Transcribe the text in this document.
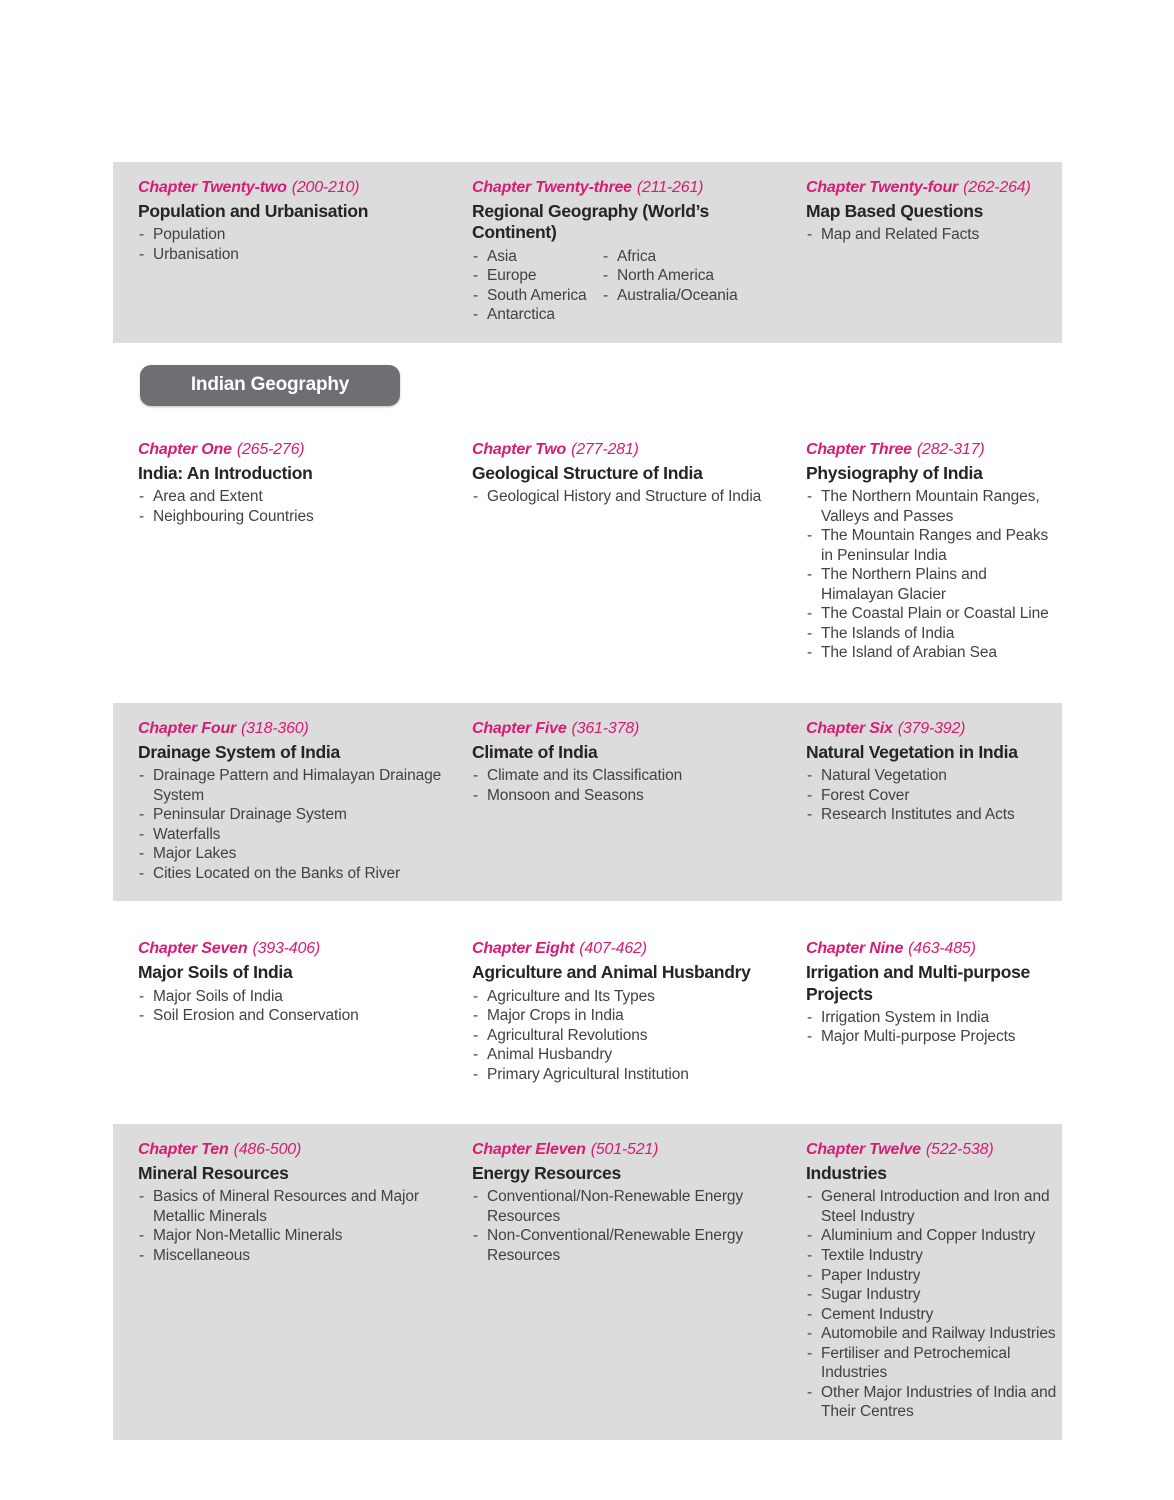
Chapter Twenty-two (200-210)
Population and Urbanisation
- Population
- Urbanisation
Chapter Twenty-three (211-261)
Regional Geography (World’s Continent)
- Asia
- Europe
- South America
- Antarctica
- Africa
- North America
- Australia/Oceania
Chapter Twenty-four (262-264)
Map Based Questions
- Map and Related Facts
Indian Geography
Chapter One (265-276)
India: An Introduction
- Area and Extent
- Neighbouring Countries
Chapter Two (277-281)
Geological Structure of India
- Geological History and Structure of India
Chapter Three (282-317)
Physiography of India
- The Northern Mountain Ranges, Valleys and Passes
- The Mountain Ranges and Peaks in Peninsular India
- The Northern Plains and Himalayan Glacier
- The Coastal Plain or Coastal Line
- The Islands of India
- The Island of Arabian Sea
Chapter Four (318-360)
Drainage System of India
- Drainage Pattern and Himalayan Drainage System
- Peninsular Drainage System
- Waterfalls
- Major Lakes
- Cities Located on the Banks of River
Chapter Five (361-378)
Climate of India
- Climate and its Classification
- Monsoon and Seasons
Chapter Six (379-392)
Natural Vegetation in India
- Natural Vegetation
- Forest Cover
- Research Institutes and Acts
Chapter Seven (393-406)
Major Soils of India
- Major Soils of India
- Soil Erosion and Conservation
Chapter Eight (407-462)
Agriculture and Animal Husbandry
- Agriculture and Its Types
- Major Crops in India
- Agricultural Revolutions
- Animal Husbandry
- Primary Agricultural Institution
Chapter Nine (463-485)
Irrigation and Multi-purpose Projects
- Irrigation System in India
- Major Multi-purpose Projects
Chapter Ten (486-500)
Mineral Resources
- Basics of Mineral Resources and Major Metallic Minerals
- Major Non-Metallic Minerals
- Miscellaneous
Chapter Eleven (501-521)
Energy Resources
- Conventional/Non-Renewable Energy Resources
- Non-Conventional/Renewable Energy Resources
Chapter Twelve (522-538)
Industries
- General Introduction and Iron and Steel Industry
- Aluminium and Copper Industry
- Textile Industry
- Paper Industry
- Sugar Industry
- Cement Industry
- Automobile and Railway Industries
- Fertiliser and Petrochemical Industries
- Other Major Industries of India and Their Centres
